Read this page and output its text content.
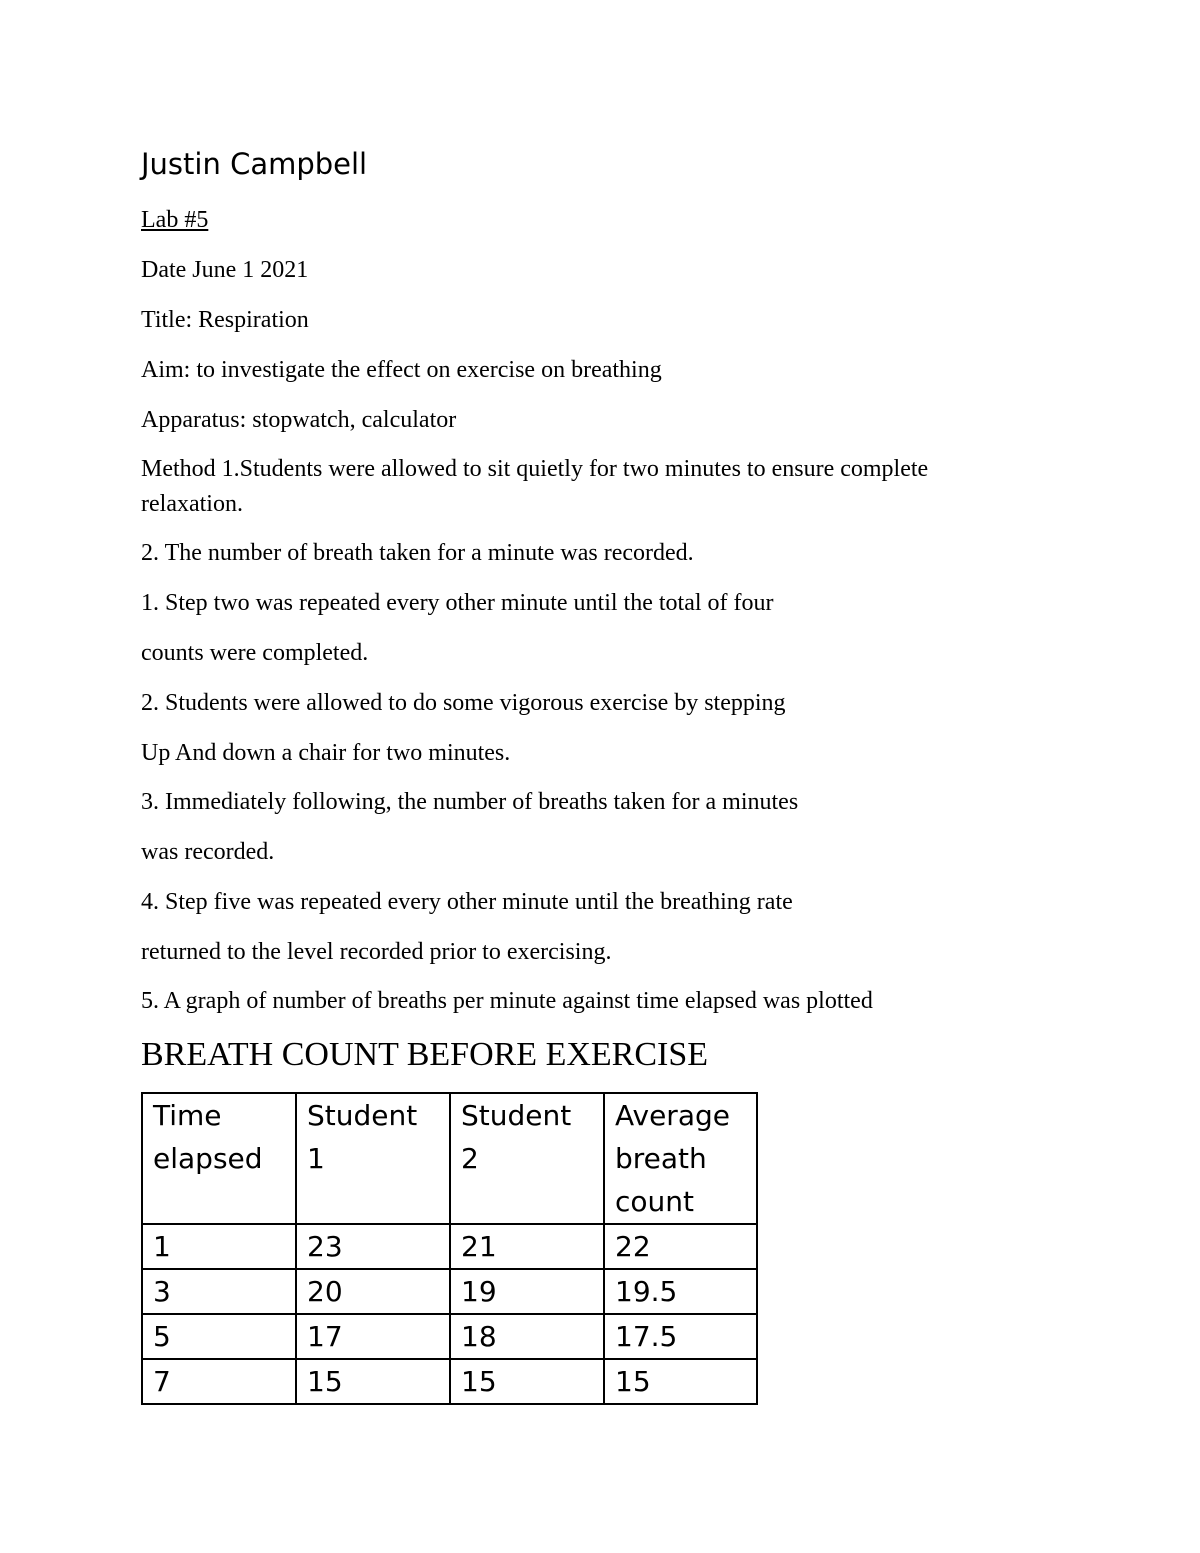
Justin Campbell
Lab #5
Date June 1 2021
Title: Respiration
Aim: to investigate the effect on exercise on breathing
Apparatus: stopwatch, calculator
Method 1.Students were allowed to sit quietly for two minutes to ensure complete
relaxation.
2. The number of breath taken for a minute was recorded.
1. Step two was repeated every other minute until the total of four
counts were completed.
2. Students were allowed to do some vigorous exercise by stepping
Up And down a chair for two minutes.
3. Immediately following, the number of breaths taken for a minutes
was recorded.
4. Step five was repeated every other minute until the breathing rate
returned to the level recorded prior to exercising.
5. A graph of number of breaths per minute against time elapsed was plotted
BREATH COUNT BEFORE EXERCISE
Time elapsed	Student 1	Student 2	Average breath count
1	23	21	22
3	20	19	19.5
5	17	18	17.5
7	15	15	15
